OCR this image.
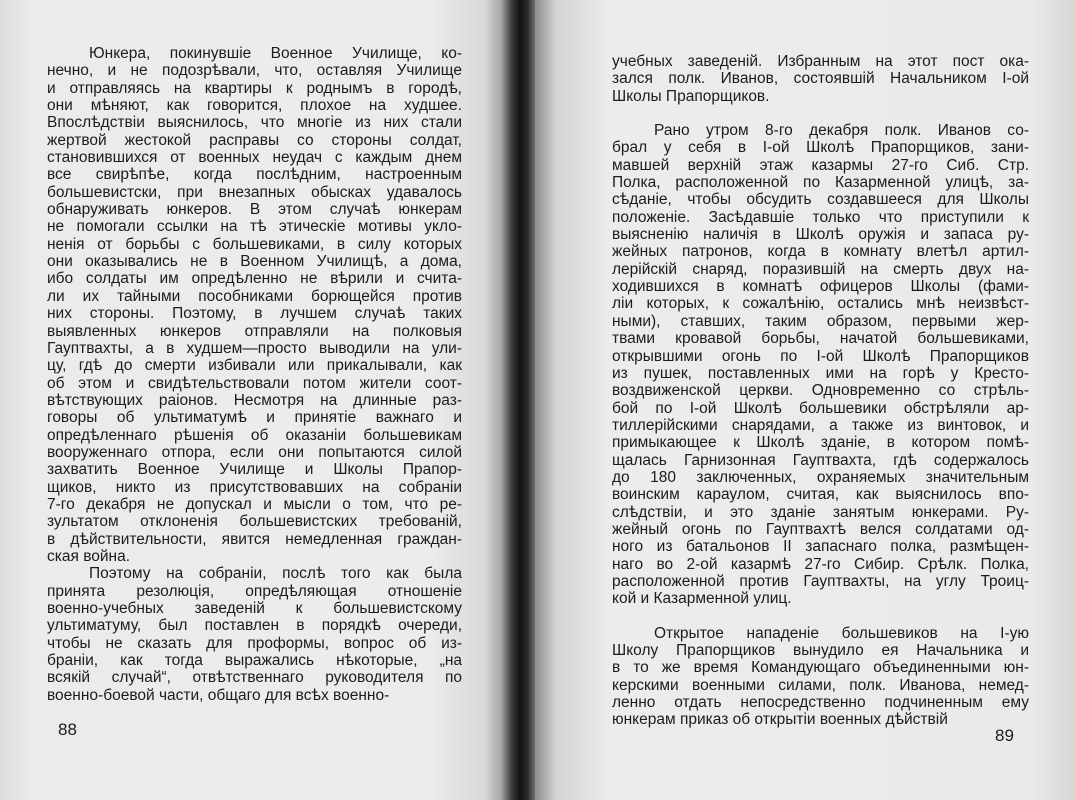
Юнкера, покинувшіе Военное Училище, ко-
нечно, и не подозрѣвали, что, оставляя Училище
и отправляясь на квартиры к роднымъ в городѣ,
они мѣняют, как говорится, плохое на худшее.
Впослѣдствіи выяснилось, что многіе из них стали
жертвой жестокой расправы со стороны солдат,
становившихся от военных неудач с каждым днем
все свирѣпѣе, когда послѣдним, настроенным
большевистски, при внезапных обысках удавалось
обнаруживать юнкеров. В этом случаѣ юнкерам
не помогали ссылки на тѣ этическіе мотивы укло-
ненія от борьбы с большевиками, в силу которых
они оказывались не в Военном Училищѣ, а дома,
ибо солдаты им опредѣленно не вѣрили и счита-
ли их тайными пособниками борющейся против
них стороны. Поэтому, в лучшем случаѣ таких
выявленных юнкеров отправляли на полковыя
Гауптвахты, а в худшем—просто выводили на ули-
цу, гдѣ до смерти избивали или прикалывали, как
об этом и свидѣтельствовали потом жители соот-
вѣтствующих раіонов. Несмотря на длинные раз-
говоры об ультиматумѣ и принятіе важнаго и
опредѣленнаго рѣшенія об оказаніи большевикам
вооруженнаго отпора, если они попытаются силой
захватить Военное Училище и Школы Прапор-
щиков, никто из присутствовавших на собраніи
7-го декабря не допускал и мысли о том, что ре-
зультатом отклоненія большевистских требованій,
в дѣйствительности, явится немедленная граждан-
ская война.
Поэтому на собраніи, послѣ того как была
принята резолюція, опредѣляющая отношеніе
военно-учебных заведеній к большевистскому
ультиматуму, был поставлен в порядкѣ очереди,
чтобы не сказать для проформы, вопрос об из-
браніи, как тогда выражались нѣкоторые, „на
всякій случай“, отвѣтственнаго руководителя по
военно-боевой части, общаго для всѣх военно-
88
учебных заведеній. Избранным на этот пост ока-
зался полк. Иванов, состоявшій Начальником І-ой
Школы Прапорщиков.
Рано утром 8-го декабря полк. Иванов со-
брал у себя в І-ой Школѣ Прапорщиков, зани-
мавшей верхній этаж казармы 27-го Сиб. Стр.
Полка, расположенной по Казарменной улицѣ, за-
сѣданіе, чтобы обсудить создавшееся для Школы
положеніе. Засѣдавшіе только что приступили к
выясненію наличія в Школѣ оружія и запаса ру-
жейных патронов, когда в комнату влетѣл артил-
лерійскій снаряд, поразившій на смерть двух на-
ходившихся в комнатѣ офицеров Школы (фами-
ліи которых, к сожалѣнію, остались мнѣ неизвѣст-
ными), ставших, таким образом, первыми жер-
твами кровавой борьбы, начатой большевиками,
открывшими огонь по І-ой Школѣ Прапорщиков
из пушек, поставленных ими на горѣ у Кресто-
воздвиженской церкви. Одновременно со стрѣль-
бой по І-ой Школѣ большевики обстрѣляли ар-
тиллерійскими снарядами, а также из винтовок, и
примыкающее к Школѣ зданіе, в котором помѣ-
щалась Гарнизонная Гауптвахта, гдѣ содержалось
до 180 заключенных, охраняемых значительным
воинским караулом, считая, как выяснилось впо-
слѣдствіи, и это зданіе занятым юнкерами. Ру-
жейный огонь по Гауптвахтѣ велся солдатами од-
ного из батальонов ІІ запаснаго полка, размѣщен-
наго во 2-ой казармѣ 27-го Сибир. Срѣлк. Полка,
расположенной против Гауптвахты, на углу Троиц-
кой и Казарменной улиц.
Открытое нападеніе большевиков на І-ую
Школу Прапорщиков вынудило ея Начальника и
в то же время Командующаго объединенными юн-
керскими военными силами, полк. Иванова, немед-
ленно отдать непосредственно подчиненным ему
юнкерам приказ об открытіи военных дѣйствій
89
